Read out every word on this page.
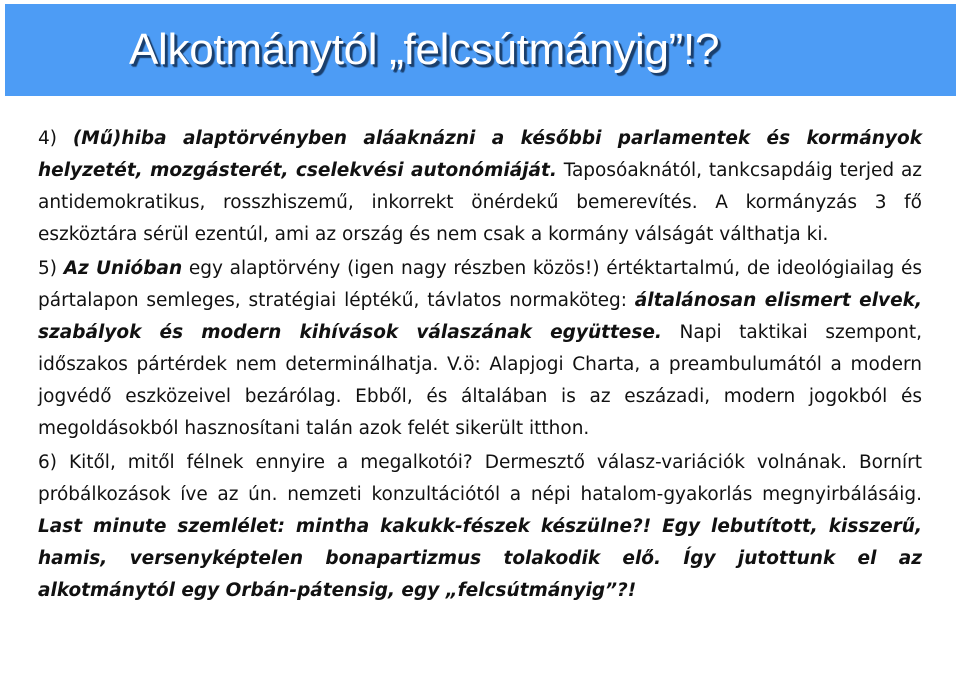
Alkotmánytól „felcsútmányig”!?

4) (Mű)hiba alaptörvényben aláaknázni a későbbi parlamentek és kormányok helyzetét, mozgásterét, cselekvési autonómiáját. Taposóaknától, tankcsapdáig terjed az antidemokratikus, rosszhiszemű, inkorrekt önérdekű bemerevítés. A kormányzás 3 fő eszköztára sérül ezentúl, ami az ország és nem csak a kormány válságát válthatja ki.

5) Az Unióban egy alaptörvény (igen nagy részben közös!) értéktartalmú, de ideológiailag és pártalapon semleges, stratégiai léptékű, távlatos normaköteg: általánosan elismert elvek, szabályok és modern kihívások válaszának együttese. Napi taktikai szempont, időszakos pártérdek nem determinálhatja. V.ö: Alapjogi Charta, a preambulumától a modern jogvédő eszközeivel bezárólag. Ebből, és általában is az eszázadi, modern jogokból és megoldásokból hasznosítani talán azok felét sikerült itthon.

6) Kitől, mitől félnek ennyire a megalkotói? Dermesztő válasz-variációk volnának. Bornírt próbálkozások íve az ún. nemzeti konzultációtól a népi hatalom-gyakorlás megnyirbálásáig. Last minute szemlélet: mintha kakukk-fészek készülne?! Egy lebutított, kisszerű, hamis, versenyképtelen bonapartizmus tolakodik elő. Így jutottunk el az alkotmánytól egy Orbán-pátensig, egy „felcsútmányig”?!
